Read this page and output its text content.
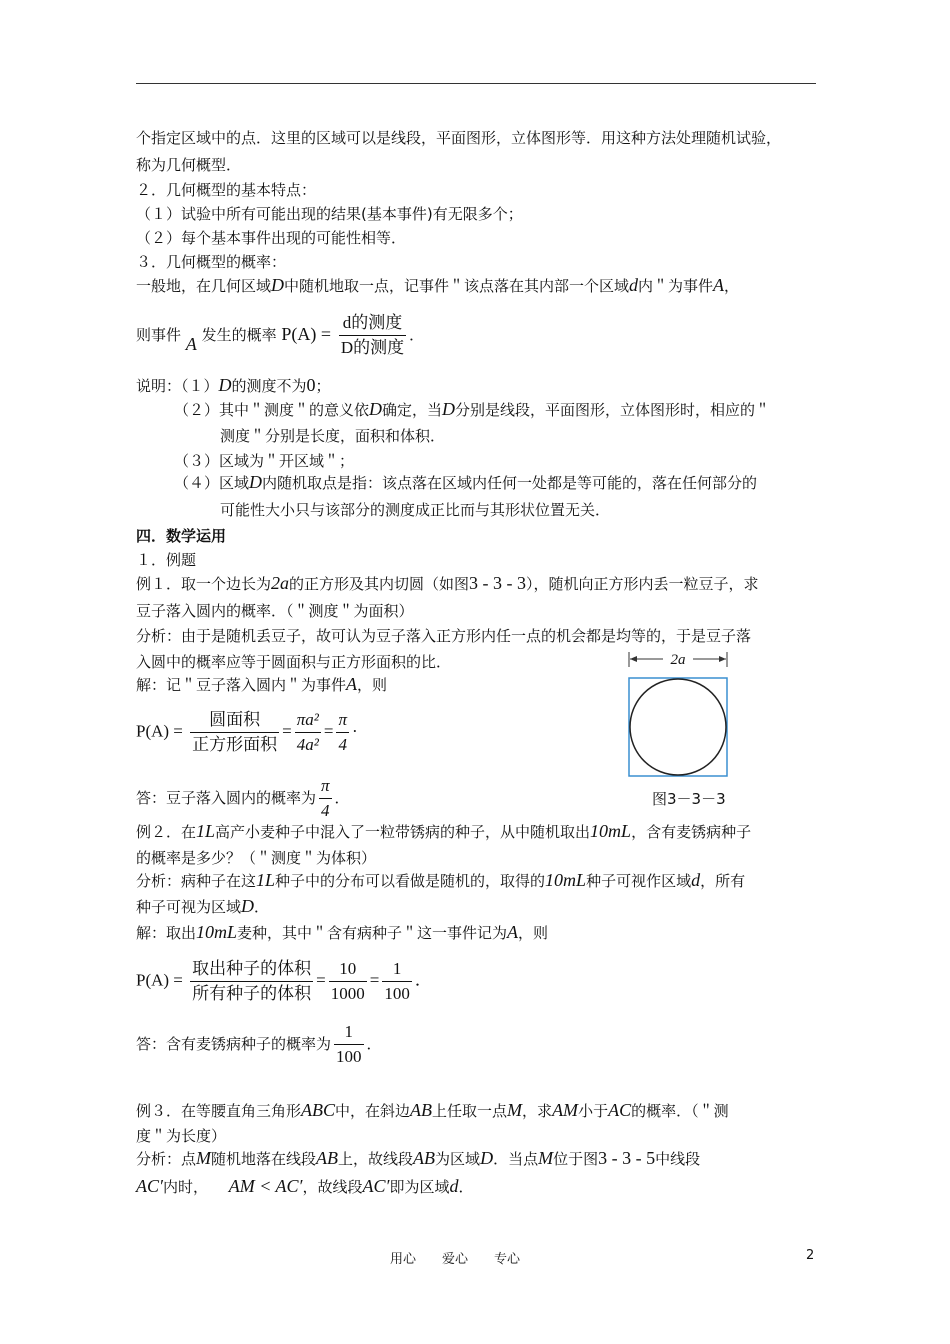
个指定区域中的点．这里的区域可以是线段，平面图形，立体图形等．用这种方法处理随机试验，
称为几何概型．
２．几何概型的基本特点：
（１）试验中所有可能出现的结果(基本事件)有无限多个；
（２）每个基本事件出现的可能性相等．
３．几何概型的概率：
一般地，在几何区域D中随机地取一点，记事件＂该点落在其内部一个区域d内＂为事件A，
则事件 A 发生的概率 $P(A) = \frac{\text{d的测度}}{\text{D的测度}}$ ．
说明：（１）D的测度不为0；
（２）其中＂测度＂的意义依D确定，当D分别是线段，平面图形，立体图形时，相应的＂
测度＂分别是长度，面积和体积．
（３）区域为＂开区域＂；
（４）区域D内随机取点是指：该点落在区域内任何一处都是等可能的，落在任何部分的
可能性大小只与该部分的测度成正比而与其形状位置无关．
四．数学运用
１．例题
例１．取一个边长为2a的正方形及其内切圆（如图3 - 3 - 3），随机向正方形内丢一粒豆子，求
豆子落入圆内的概率．（＂测度＂为面积）
分析：由于是随机丢豆子，故可认为豆子落入正方形内任一点的机会都是均等的，于是豆子落
入圆中的概率应等于圆面积与正方形面积的比．
解：记＂豆子落入圆内＂为事件A，则
$P(A) = \frac{\text{圆面积}}{\text{正方形面积}} = \frac{\text{πa²}}{\text{4a²}} = \frac{\pi}{4}$ ·
答：豆子落入圆内的概率为 $\frac{\pi}{4}$ ．
2a
图3－3－3
例２．在1L高产小麦种子中混入了一粒带锈病的种子，从中随机取出10mL，含有麦锈病种子
的概率是多少？（＂测度＂为体积）
分析：病种子在这1L种子中的分布可以看做是随机的，取得的10mL种子可视作区域d，所有
种子可视为区域D．
解：取出10mL麦种，其中＂含有病种子＂这一事件记为A，则
$P(A) = \frac{\text{取出种子的体积}}{\text{所有种子的体积}} = \frac{10}{1000} = \frac{1}{100}$ ．
答：含有麦锈病种子的概率为 $\frac{1}{100}$ ．
例３．在等腰直角三角形ABC中，在斜边AB上任取一点M，求AM小于AC的概率．（＂测
度＂为长度）
分析：点M随机地落在线段AB上，故线段AB为区域D．当点M位于图3 - 3 - 5中线段
AC′内时， AM < AC′，故线段AC′即为区域d．
用心　　爱心　　专心	2
